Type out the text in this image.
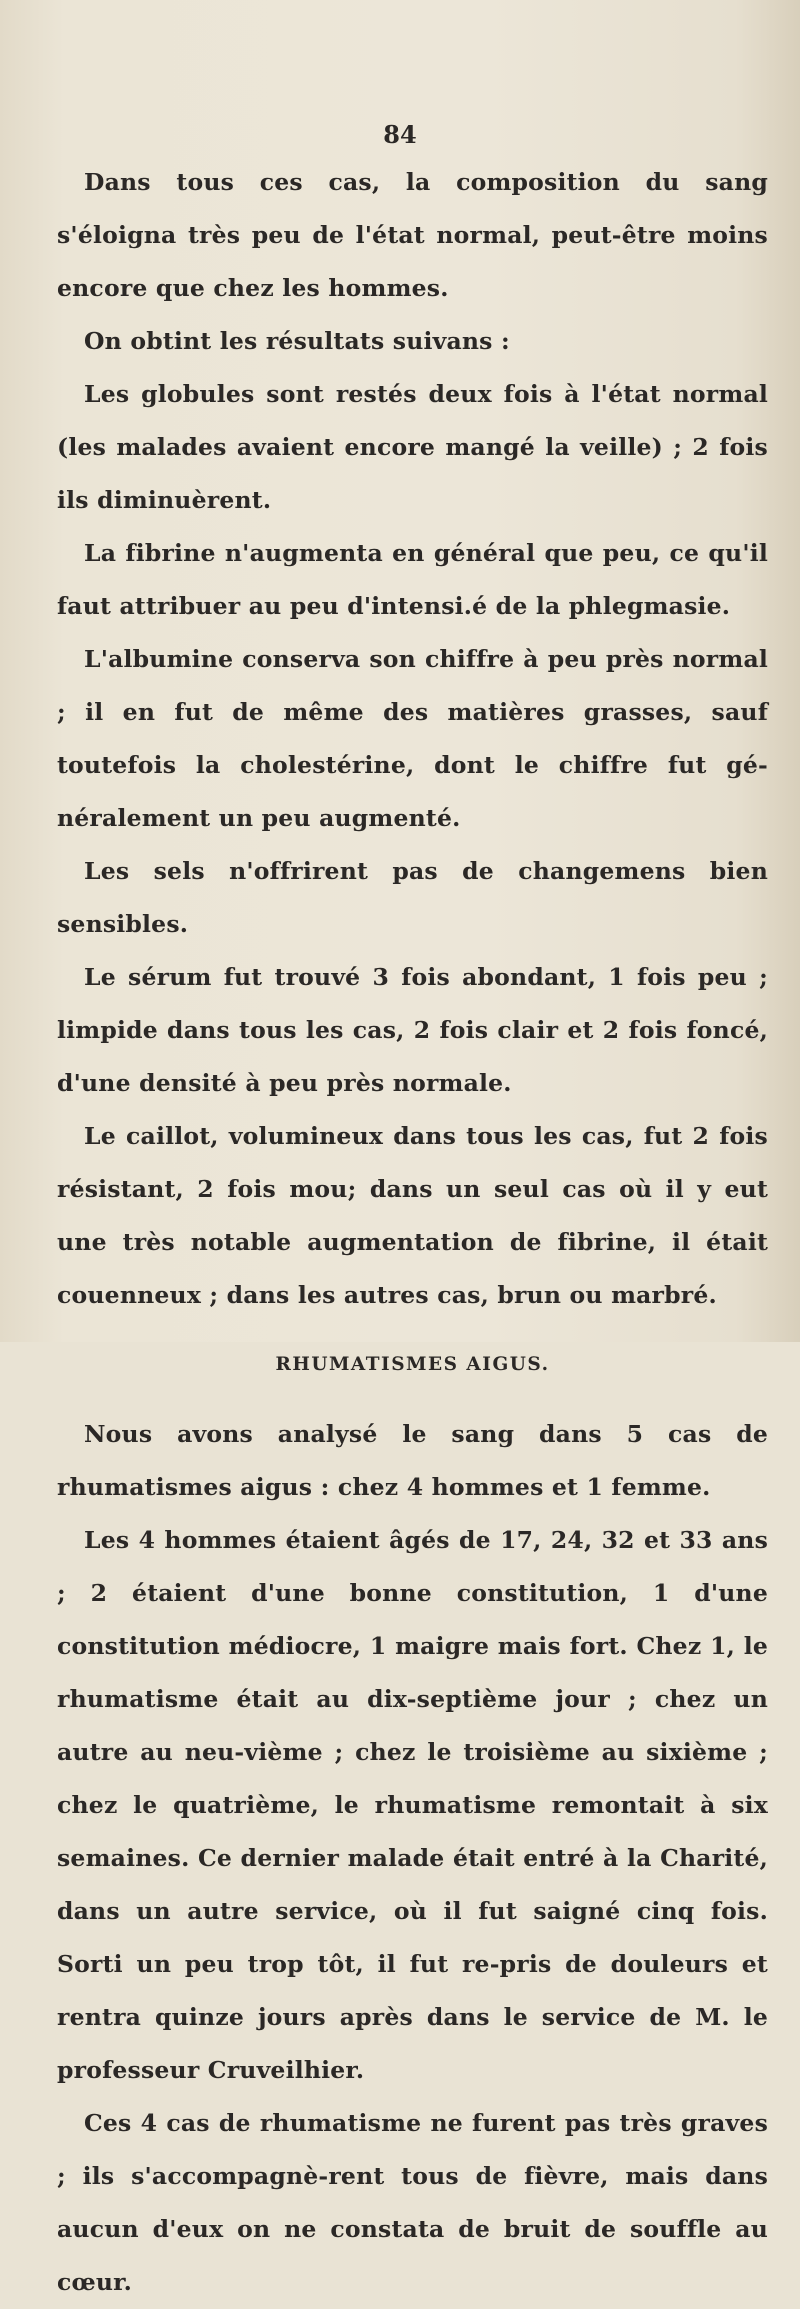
84

Dans tous ces cas, la composition du sang s'éloigna très peu de l'état normal, peut-être moins encore que chez les hommes.

On obtint les résultats suivans :

Les globules sont restés deux fois à l'état normal (les malades avaient encore mangé la veille) ; 2 fois ils diminuèrent.

La fibrine n'augmenta en général que peu, ce qu'il faut attribuer au peu d'intensi.é de la phlegmasie.

L'albumine conserva son chiffre à peu près normal ; il en fut de même des matières grasses, sauf toutefois la cholestérine, dont le chiffre fut gé-néralement un peu augmenté.

Les sels n'offrirent pas de changemens bien sensibles.

Le sérum fut trouvé 3 fois abondant, 1 fois peu ; limpide dans tous les cas, 2 fois clair et 2 fois foncé, d'une densité à peu près normale.

Le caillot, volumineux dans tous les cas, fut 2 fois résistant, 2 fois mou; dans un seul cas où il y eut une très notable augmentation de fibrine, il était couenneux ; dans les autres cas, brun ou marbré.

RHUMATISMES AIGUS.

Nous avons analysé le sang dans 5 cas de rhumatismes aigus : chez 4 hommes et 1 femme.

Les 4 hommes étaient âgés de 17, 24, 32 et 33 ans ; 2 étaient d'une bonne constitution, 1 d'une constitution médiocre, 1 maigre mais fort. Chez 1, le rhumatisme était au dix-septième jour ; chez un autre au neu-vième ; chez le troisième au sixième ; chez le quatrième, le rhumatisme remontait à six semaines. Ce dernier malade était entré à la Charité, dans un autre service, où il fut saigné cinq fois. Sorti un peu trop tôt, il fut re-pris de douleurs et rentra quinze jours après dans le service de M. le professeur Cruveilhier.

Ces 4 cas de rhumatisme ne furent pas très graves ; ils s'accompagnè-rent tous de fièvre, mais dans aucun d'eux on ne constata de bruit de souffle au cœur.
